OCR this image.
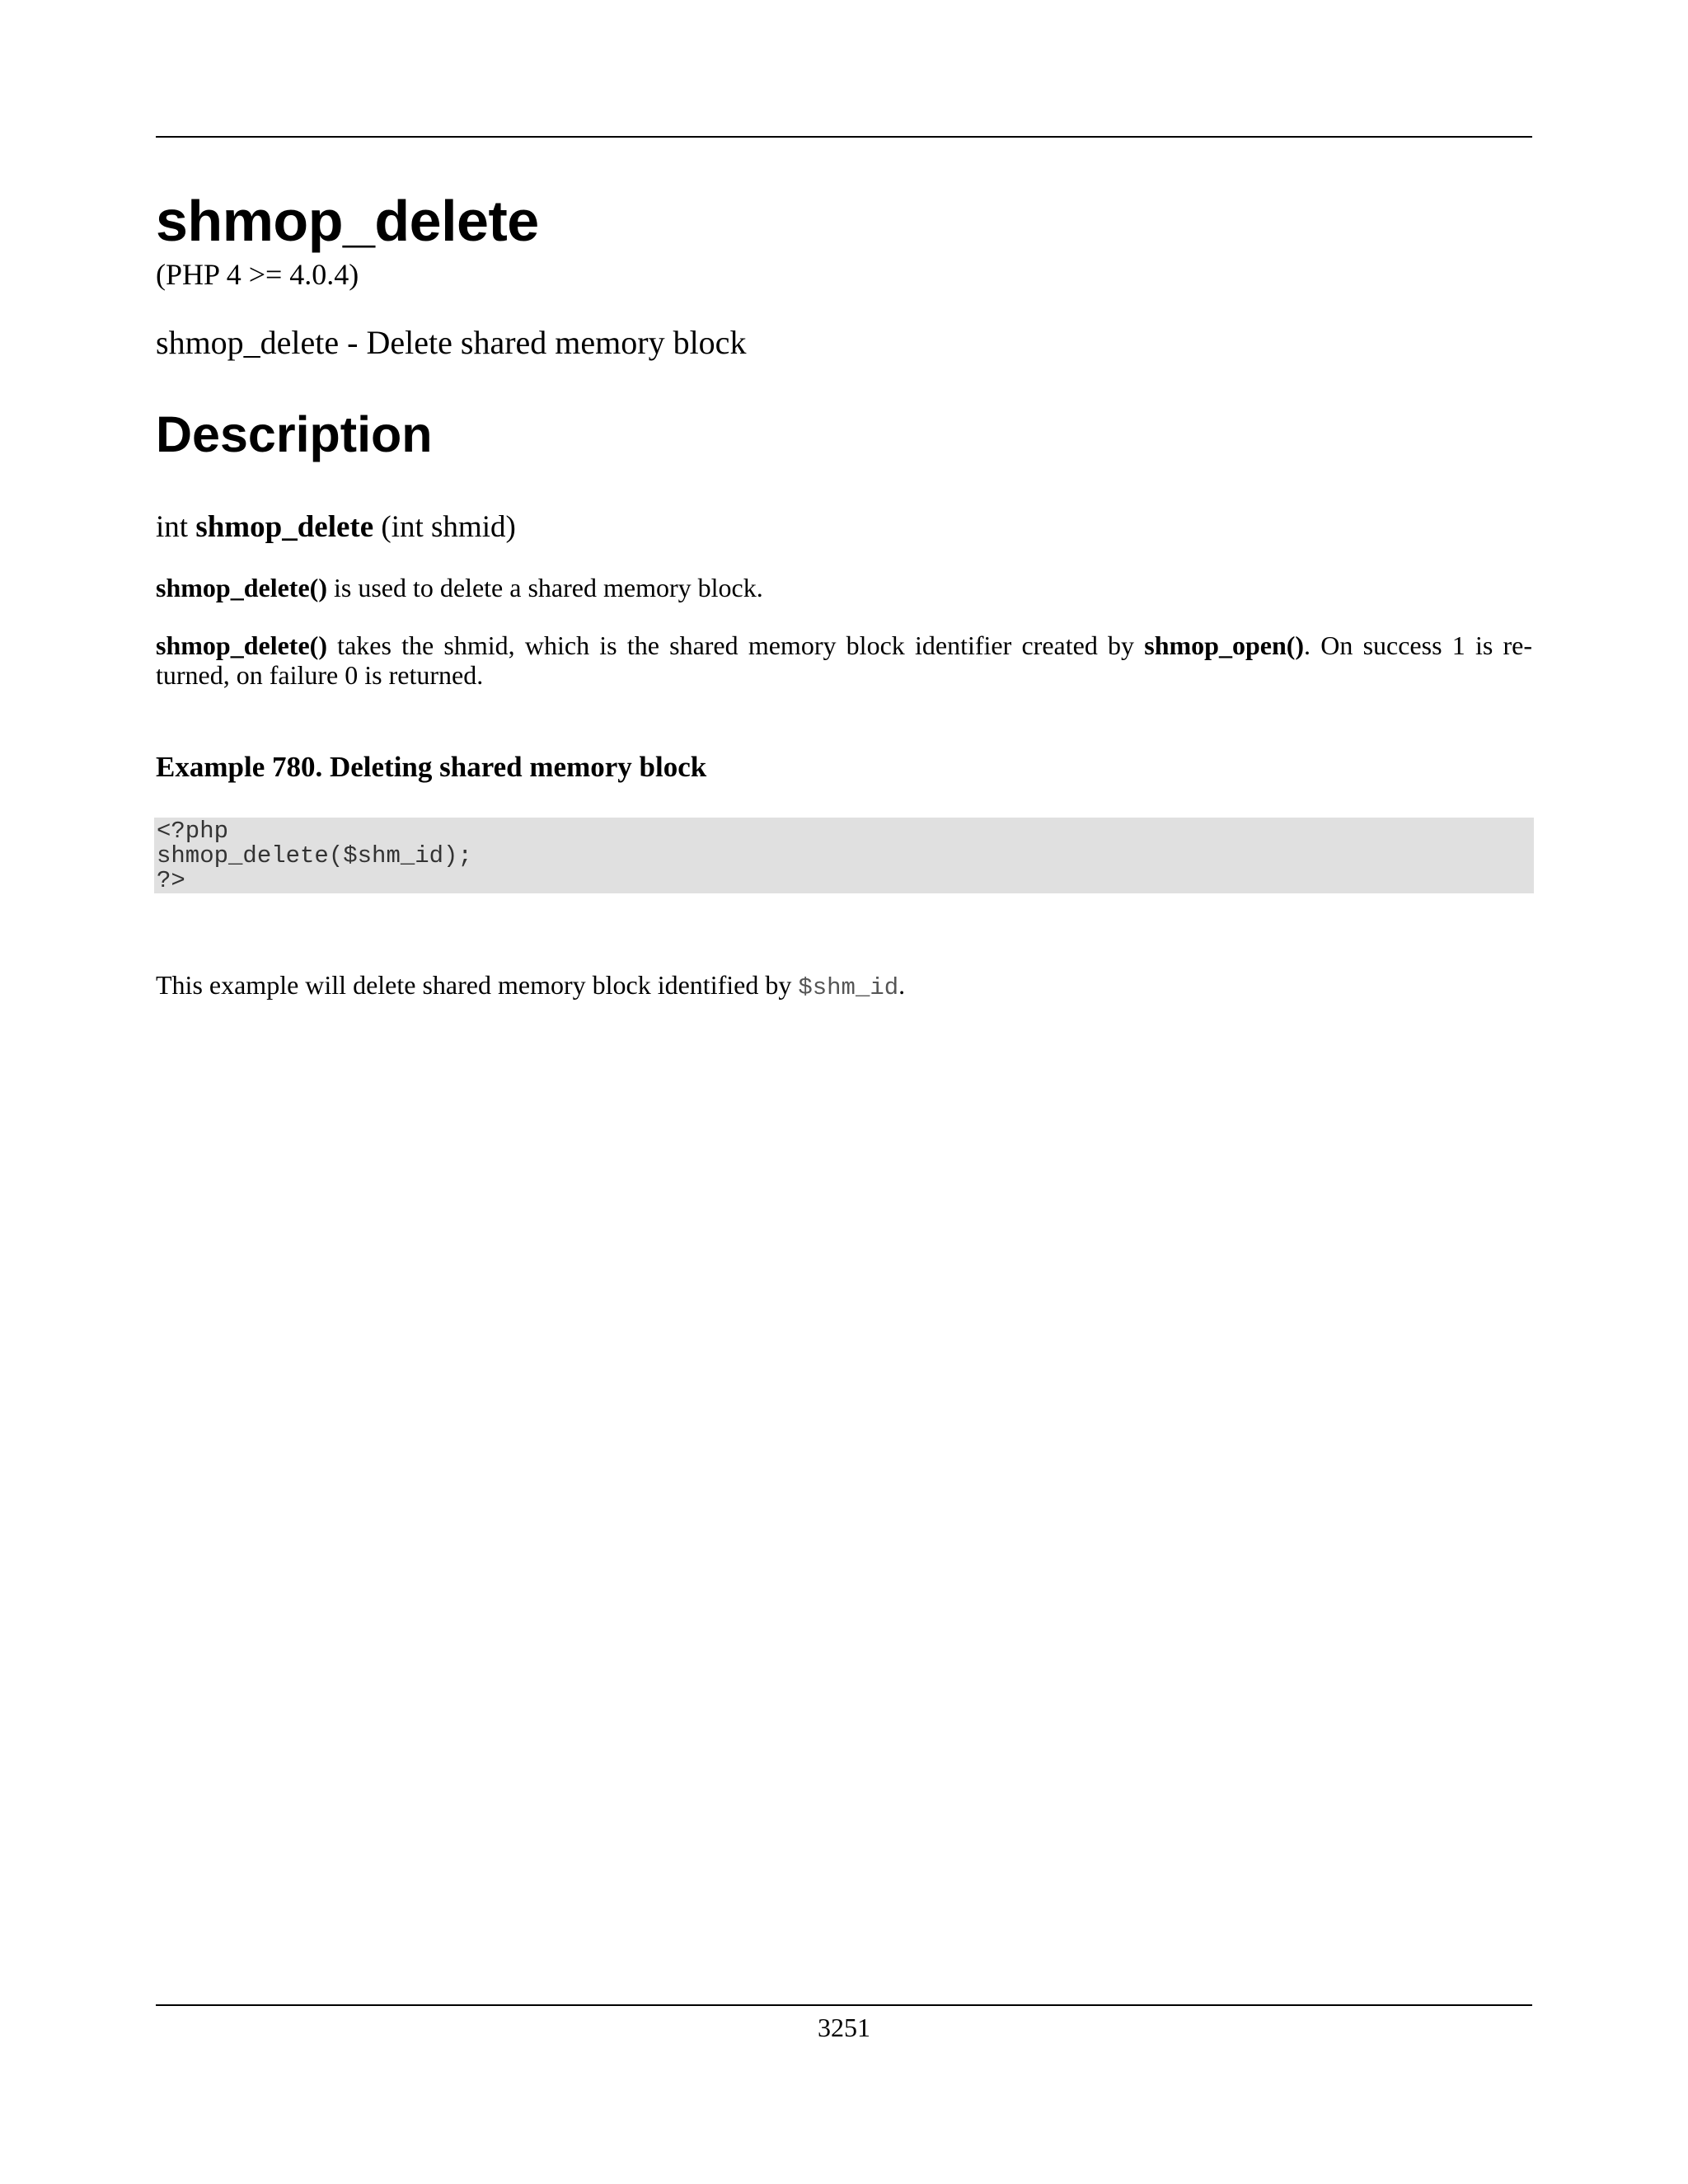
shmop_delete
(PHP 4 >= 4.0.4)
shmop_delete - Delete shared memory block
Description
int shmop_delete (int shmid)

shmop_delete() is used to delete a shared memory block.

shmop_delete() takes the shmid, which is the shared memory block identifier created by shmop_open(). On success 1 is re- turned, on failure 0 is returned.

Example 780. Deleting shared memory block
<?php
shmop_delete($shm_id);
?>

This example will delete shared memory block identified by $shm_id.

3251
